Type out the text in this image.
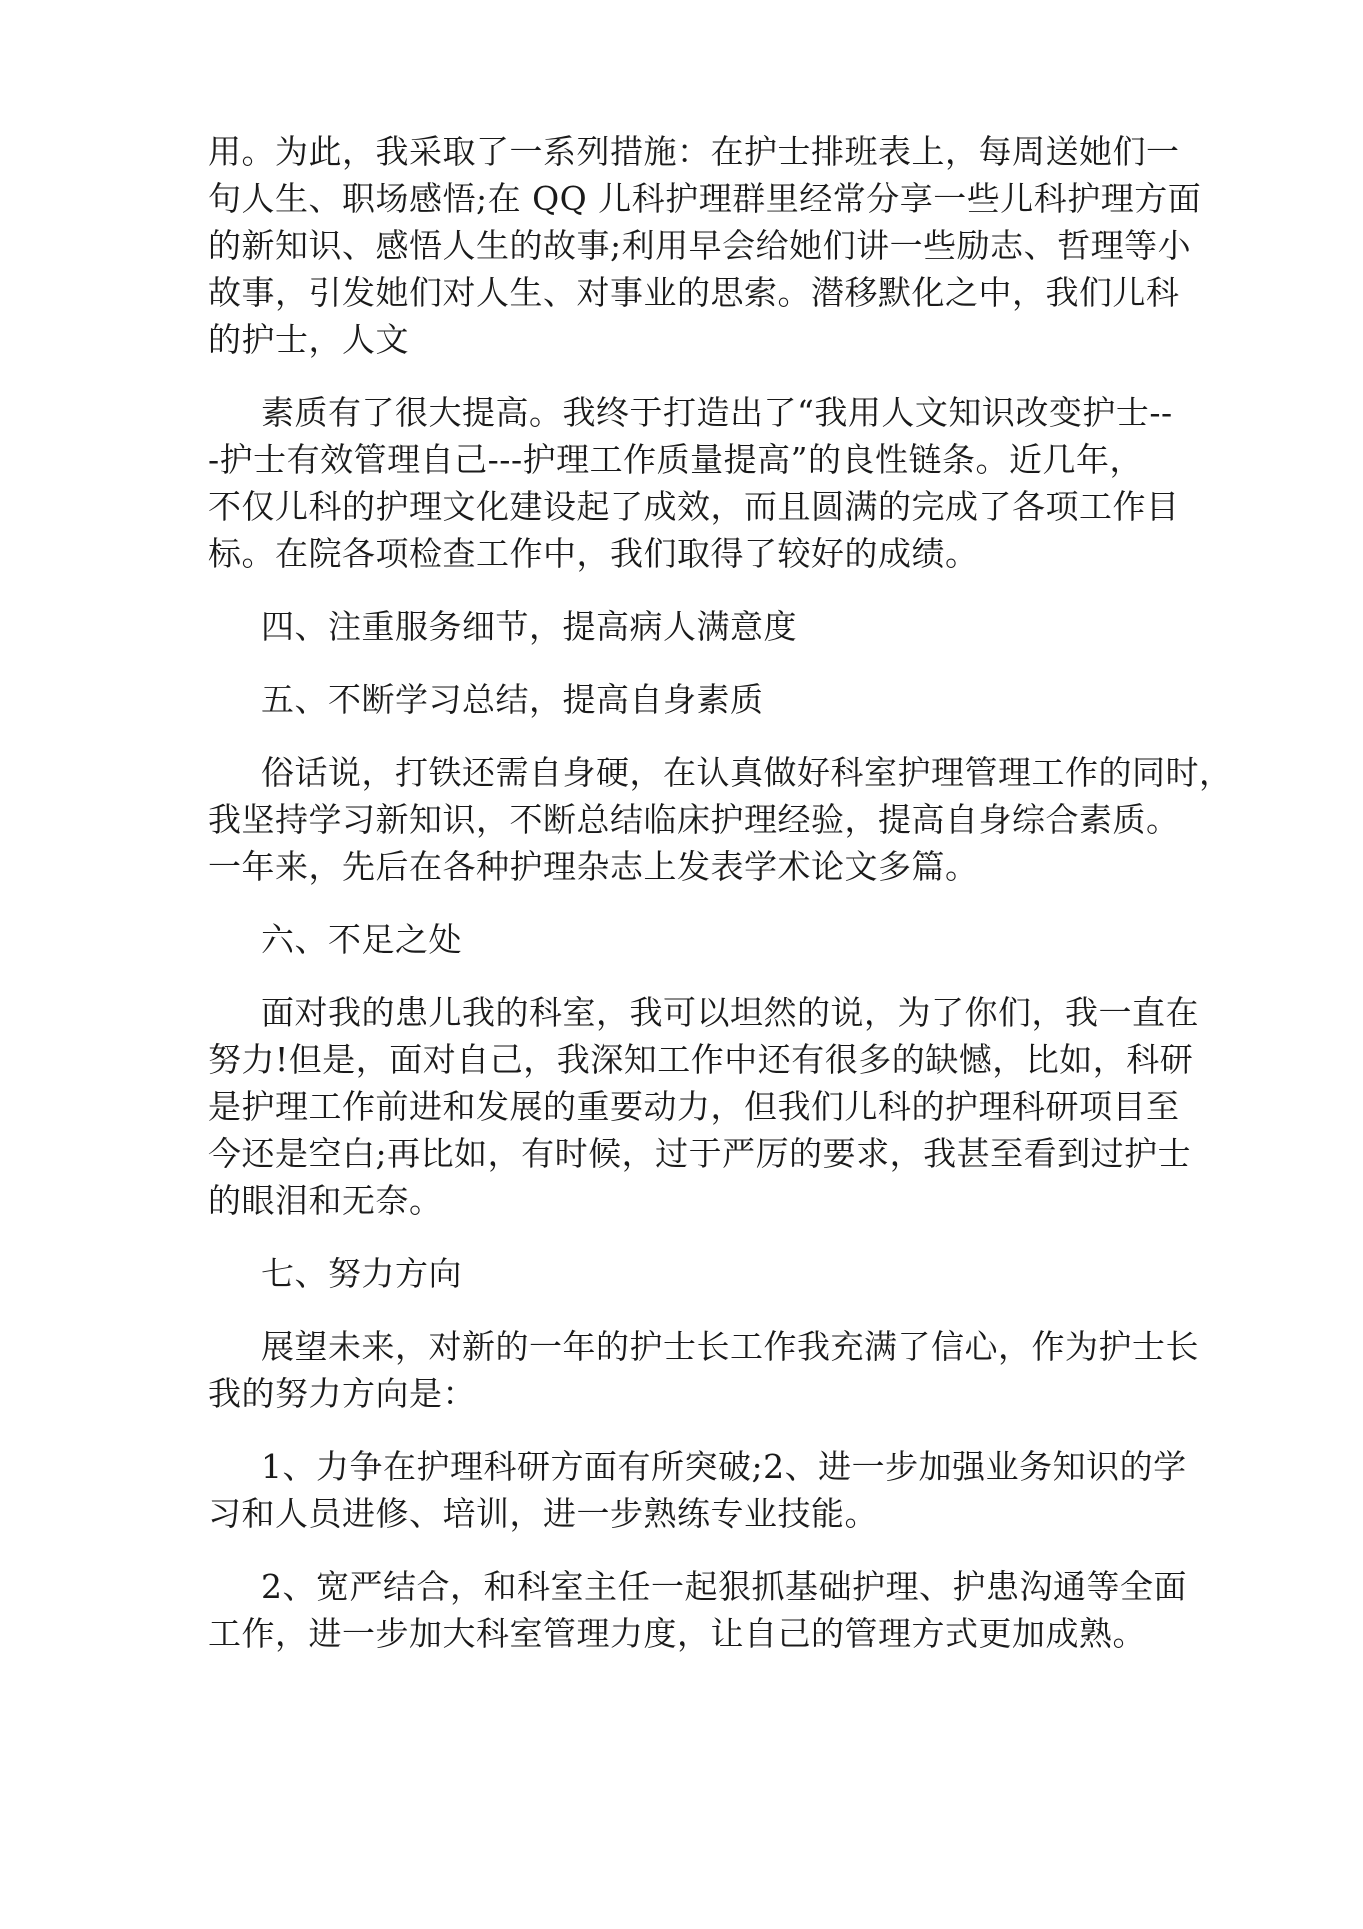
用。为此，我采取了一系列措施：在护士排班表上，每周送她们一
句人生、职场感悟;在 QQ 儿科护理群里经常分享一些儿科护理方面
的新知识、感悟人生的故事;利用早会给她们讲一些励志、哲理等小
故事，引发她们对人生、对事业的思索。潜移默化之中，我们儿科
的护士，人文

素质有了很大提高。我终于打造出了“我用人文知识改变护士--
-护士有效管理自己---护理工作质量提高”的良性链条。近几年，
不仅儿科的护理文化建设起了成效，而且圆满的完成了各项工作目
标。在院各项检查工作中，我们取得了较好的成绩。

四、注重服务细节，提高病人满意度

五、不断学习总结，提高自身素质

俗话说，打铁还需自身硬，在认真做好科室护理管理工作的同时，
我坚持学习新知识，不断总结临床护理经验，提高自身综合素质。
一年来，先后在各种护理杂志上发表学术论文多篇。

六、不足之处

面对我的患儿我的科室，我可以坦然的说，为了你们，我一直在
努力!但是，面对自己，我深知工作中还有很多的缺憾，比如，科研
是护理工作前进和发展的重要动力，但我们儿科的护理科研项目至
今还是空白;再比如，有时候，过于严厉的要求，我甚至看到过护士
的眼泪和无奈。

七、努力方向

展望未来，对新的一年的护士长工作我充满了信心，作为护士长
我的努力方向是：

1、力争在护理科研方面有所突破;2、进一步加强业务知识的学
习和人员进修、培训，进一步熟练专业技能。

2、宽严结合，和科室主任一起狠抓基础护理、护患沟通等全面
工作，进一步加大科室管理力度，让自己的管理方式更加成熟。
